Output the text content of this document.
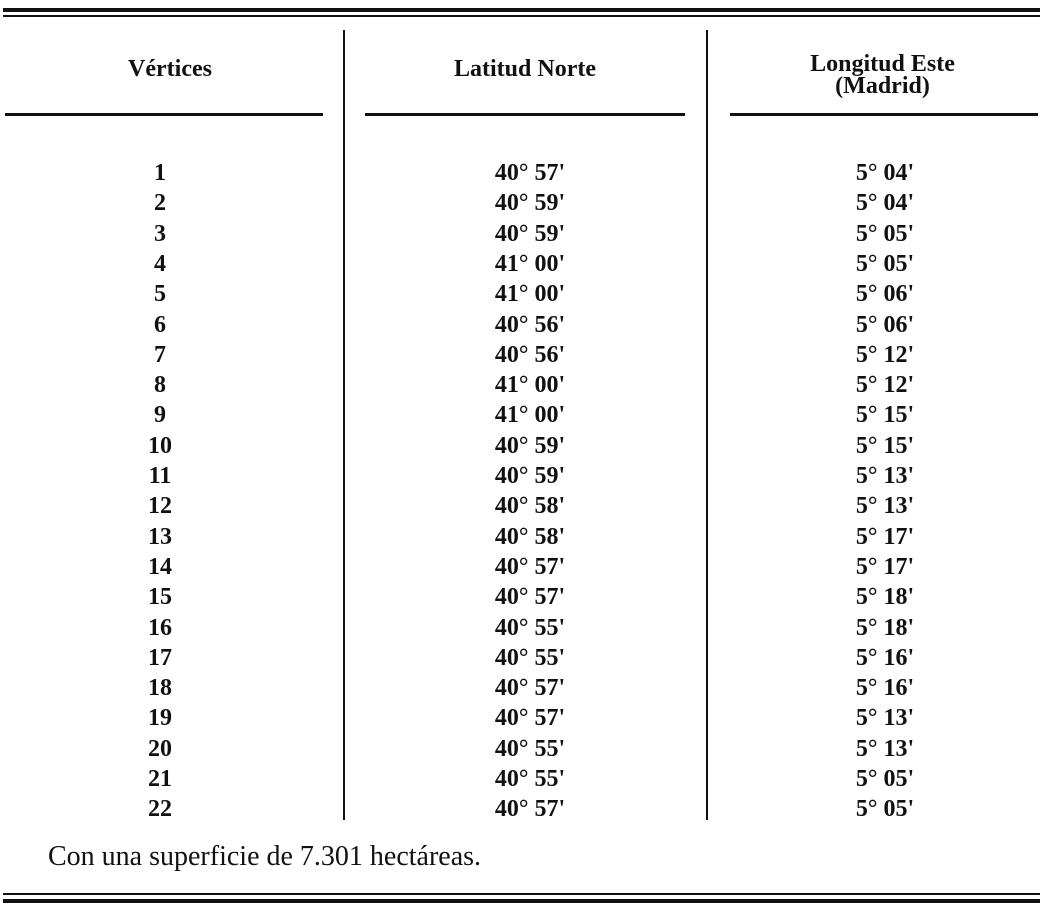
Vértices	Latitud Norte	Longitud Este
(Madrid)
1	40° 57'	5° 04'
2	40° 59'	5° 04'
3	40° 59'	5° 05'
4	41° 00'	5° 05'
5	41° 00'	5° 06'
6	40° 56'	5° 06'
7	40° 56'	5° 12'
8	41° 00'	5° 12'
9	41° 00'	5° 15'
10	40° 59'	5° 15'
11	40° 59'	5° 13'
12	40° 58'	5° 13'
13	40° 58'	5° 17'
14	40° 57'	5° 17'
15	40° 57'	5° 18'
16	40° 55'	5° 18'
17	40° 55'	5° 16'
18	40° 57'	5° 16'
19	40° 57'	5° 13'
20	40° 55'	5° 13'
21	40° 55'	5° 05'
22	40° 57'	5° 05'
Con una superficie de 7.301 hectáreas.
